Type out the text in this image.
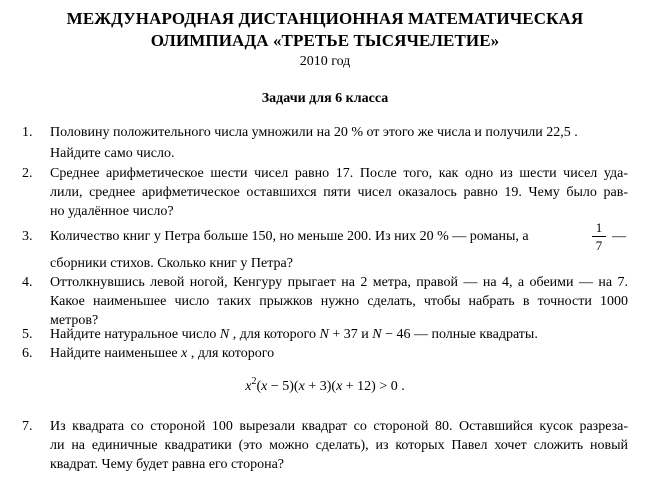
МЕЖДУНАРОДНАЯ ДИСТАНЦИОННАЯ МАТЕМАТИЧЕСКАЯ
ОЛИМПИАДА «ТРЕТЬЕ ТЫСЯЧЕЛЕТИЕ»
2010 год
Задачи для 6 класса
1. Половину положительного числа умножили на 20 % от этого же числа и получили 22,5 .
Найдите само число.
2. Среднее арифметическое шести чисел равно 17. После того, как одно из шести чисел уда-
лили, среднее арифметическое оставшихся пяти чисел оказалось равно 19. Чему было рав-
но удалённое число?
3. Количество книг у Петра больше 150, но меньше 200. Из них 20 % — романы, а
1
7
—
сборники стихов. Сколько книг у Петра?
4. Оттолкнувшись левой ногой, Кенгуру прыгает на 2 метра, правой — на 4, а обеими — на 7.
Какое наименьшее число таких прыжков нужно сделать, чтобы набрать в точности 1000
метров?
5. Найдите натуральное число N , для которого N + 37 и N − 46 — полные квадраты.
6. Найдите наименьшее x , для которого
$x^2(x - 5)(x + 3)(x + 12) > 0$ .
7. Из квадрата со стороной 100 вырезали квадрат со стороной 80. Оставшийся кусок разреза-
ли на единичные квадратики (это можно сделать), из которых Павел хочет сложить новый
квадрат. Чему будет равна его сторона?
